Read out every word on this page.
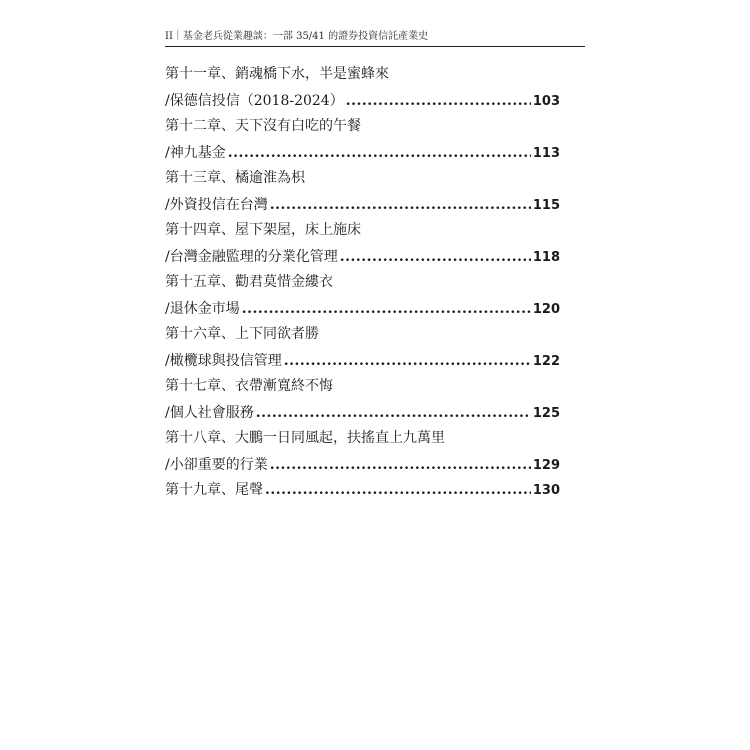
II｜基金老兵從業趣談：一部 35/41 的證券投資信託產業史
第十一章、銷魂橋下水，半是蜜蜂來
/保德信投信（2018-2024） .....	103
第十二章、天下沒有白吃的午餐
/神九基金 .....	113
第十三章、橘逾淮為枳
/外資投信在台灣 .....	115
第十四章、屋下架屋，床上施床
/台灣金融監理的分業化管理 .....	118
第十五章、勸君莫惜金縷衣
/退休金市場 .....	120
第十六章、上下同欲者勝
/橄欖球與投信管理 .....	122
第十七章、衣帶漸寬終不悔
/個人社會服務 .....	125
第十八章、大鵬一日同風起，扶搖直上九萬里
/小卻重要的行業 .....	129
第十九章、尾聲 .....	130
